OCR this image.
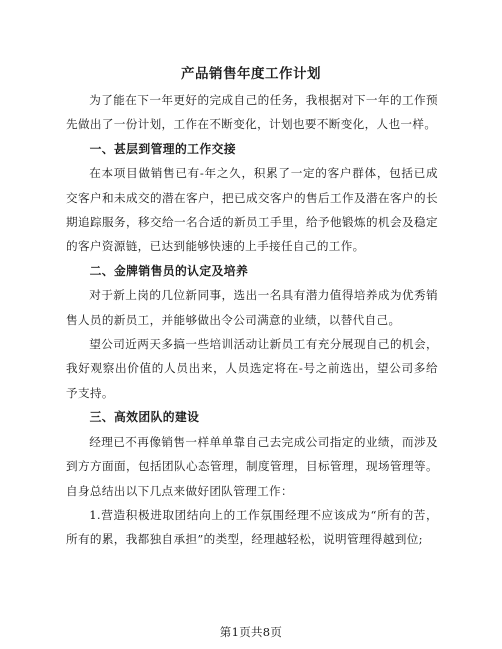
产品销售年度工作计划

为了能在下一年更好的完成自己的任务，我根据对下一年的工作预先做出了一份计划，工作在不断变化，计划也要不断变化，人也一样。

一、甚层到管理的工作交接

在本项目做销售已有-年之久，积累了一定的客户群体，包括已成交客户和未成交的潜在客户，把已成交客户的售后工作及潜在客户的长期追踪服务，移交给一名合适的新员工手里，给予他锻炼的机会及稳定的客户资源链，已达到能够快速的上手接任自己的工作。

二、金牌销售员的认定及培养

对于新上岗的几位新同事，选出一名具有潜力值得培养成为优秀销售人员的新员工，并能够做出令公司满意的业绩，以替代自己。

望公司近两天多搞一些培训活动让新员工有充分展现自己的机会，我好观察出价值的人员出来，人员选定将在-号之前选出，望公司多给予支持。

三、高效团队的建设

经理已不再像销售一样单单靠自己去完成公司指定的业绩，而涉及到方方面面，包括团队心态管理，制度管理，目标管理，现场管理等。自身总结出以下几点来做好团队管理工作：

1.营造积极进取团结向上的工作氛围经理不应该成为“所有的苦，所有的累，我都独自承担”的类型，经理越轻松，说明管理得越到位;

第1页共8页
